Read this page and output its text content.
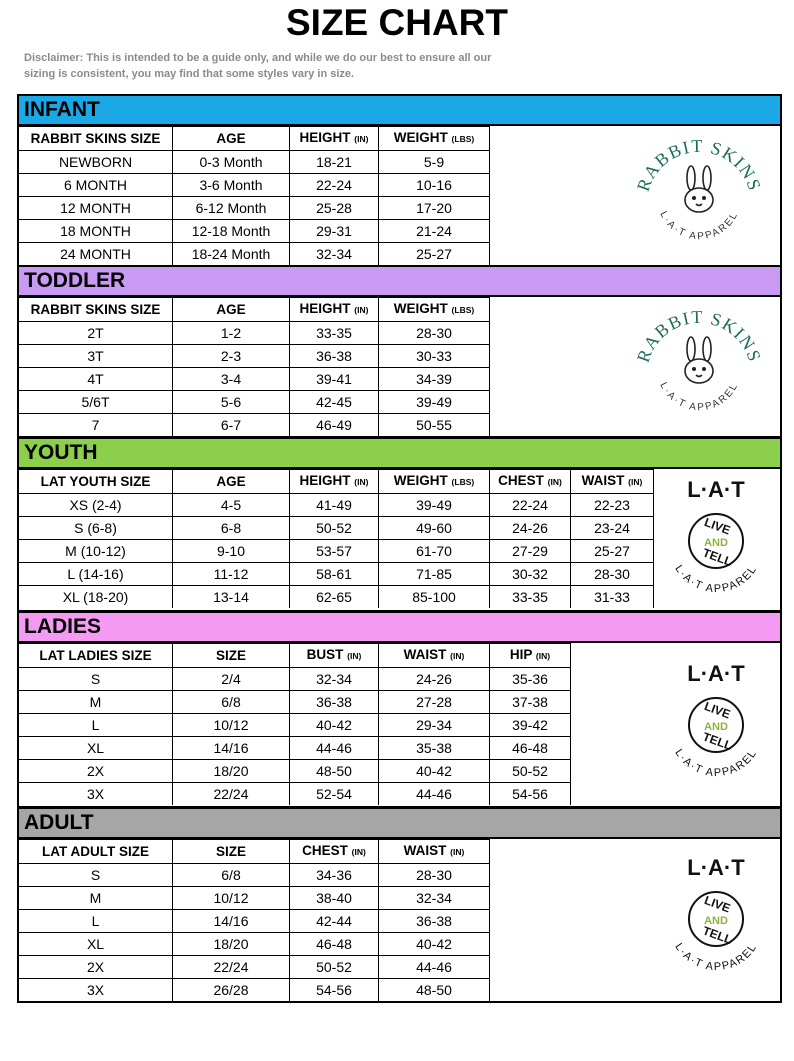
SIZE CHART
Disclaimer: This is intended to be a guide only, and while we do our best to ensure all our sizing is consistent, you may find that some styles vary in size.
INFANT
RABBIT SKINS SIZE	AGE	HEIGHT (IN)	WEIGHT (LBS)
NEWBORN	0-3 Month	18-21	5-9
6 MONTH	3-6 Month	22-24	10-16
12 MONTH	6-12 Month	25-28	17-20
18 MONTH	12-18 Month	29-31	21-24
24 MONTH	18-24 Month	32-34	25-27
RABBIT SKINS
L·A·T APPAREL
TODDLER
RABBIT SKINS SIZE	AGE	HEIGHT (IN)	WEIGHT (LBS)
2T	1-2	33-35	28-30
3T	2-3	36-38	30-33
4T	3-4	39-41	34-39
5/6T	5-6	42-45	39-49
7	6-7	46-49	50-55
RABBIT SKINS
L·A·T APPAREL
YOUTH
LAT YOUTH SIZE	AGE	HEIGHT (IN)	WEIGHT (LBS)	CHEST (IN)	WAIST (IN)
XS (2-4)	4-5	41-49	39-49	22-24	22-23
S (6-8)	6-8	50-52	49-60	24-26	23-24
M (10-12)	9-10	53-57	61-70	27-29	25-27
L (14-16)	11-12	58-61	71-85	30-32	28-30
XL (18-20)	13-14	62-65	85-100	33-35	31-33
L·A·T
LIVE
AND
TELL
L·A·T APPAREL
LADIES
LAT LADIES SIZE	SIZE	BUST (IN)	WAIST (IN)	HIP (IN)
S	2/4	32-34	24-26	35-36
M	6/8	36-38	27-28	37-38
L	10/12	40-42	29-34	39-42
XL	14/16	44-46	35-38	46-48
2X	18/20	48-50	40-42	50-52
3X	22/24	52-54	44-46	54-56
L·A·T
LIVE
AND
TELL
L·A·T APPAREL
ADULT
LAT ADULT SIZE	SIZE	CHEST (IN)	WAIST (IN)
S	6/8	34-36	28-30
M	10/12	38-40	32-34
L	14/16	42-44	36-38
XL	18/20	46-48	40-42
2X	22/24	50-52	44-46
3X	26/28	54-56	48-50
L·A·T
LIVE
AND
TELL
L·A·T APPAREL
